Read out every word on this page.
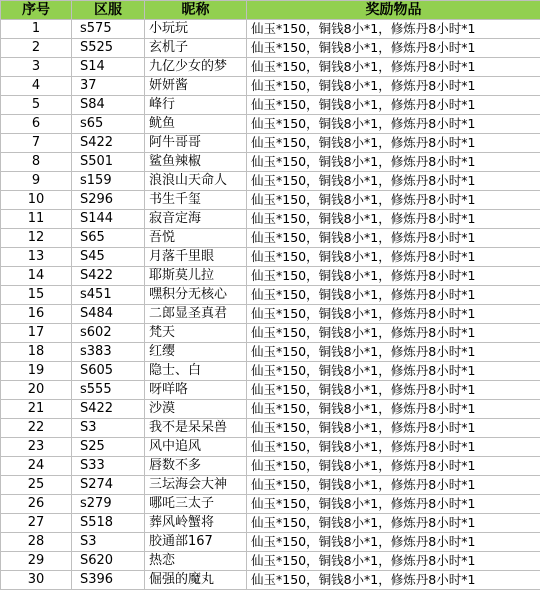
序号	区服	昵称	奖励物品
1	s575	小玩玩	仙玉*150，铜钱8小*1，修炼丹8小时*1
2	S525	玄机子	仙玉*150，铜钱8小*1，修炼丹8小时*1
3	S14	九亿少女的梦	仙玉*150，铜钱8小*1，修炼丹8小时*1
4	37	妍妍酱	仙玉*150，铜钱8小*1，修炼丹8小时*1
5	S84	峰行	仙玉*150，铜钱8小*1，修炼丹8小时*1
6	s65	鱿鱼	仙玉*150，铜钱8小*1，修炼丹8小时*1
7	S422	阿牛哥哥	仙玉*150，铜钱8小*1，修炼丹8小时*1
8	S501	鲨鱼辣椒	仙玉*150，铜钱8小*1，修炼丹8小时*1
9	s159	浪浪山天命人	仙玉*150，铜钱8小*1，修炼丹8小时*1
10	S296	书生千玺	仙玉*150，铜钱8小*1，修炼丹8小时*1
11	S144	寂音定海	仙玉*150，铜钱8小*1，修炼丹8小时*1
12	S65	吾悦	仙玉*150，铜钱8小*1，修炼丹8小时*1
13	S45	月落千里眼	仙玉*150，铜钱8小*1，修炼丹8小时*1
14	S422	耶斯莫儿拉	仙玉*150，铜钱8小*1，修炼丹8小时*1
15	s451	嘿积分无核心	仙玉*150，铜钱8小*1，修炼丹8小时*1
16	S484	二郎显圣真君	仙玉*150，铜钱8小*1，修炼丹8小时*1
17	s602	梵天	仙玉*150，铜钱8小*1，修炼丹8小时*1
18	s383	红缨	仙玉*150，铜钱8小*1，修炼丹8小时*1
19	S605	隐士、白	仙玉*150，铜钱8小*1，修炼丹8小时*1
20	s555	呀咩咯	仙玉*150，铜钱8小*1，修炼丹8小时*1
21	S422	沙漠	仙玉*150，铜钱8小*1，修炼丹8小时*1
22	S3	我不是呆呆兽	仙玉*150，铜钱8小*1，修炼丹8小时*1
23	S25	风中追风	仙玉*150，铜钱8小*1，修炼丹8小时*1
24	S33	唇数不多	仙玉*150，铜钱8小*1，修炼丹8小时*1
25	S274	三坛海会大神	仙玉*150，铜钱8小*1，修炼丹8小时*1
26	s279	哪吒三太子	仙玉*150，铜钱8小*1，修炼丹8小时*1
27	S518	葬风岭蟹将	仙玉*150，铜钱8小*1，修炼丹8小时*1
28	S3	胶通部167	仙玉*150，铜钱8小*1，修炼丹8小时*1
29	S620	热恋	仙玉*150，铜钱8小*1，修炼丹8小时*1
30	S396	倔强的魔丸	仙玉*150，铜钱8小*1，修炼丹8小时*1
